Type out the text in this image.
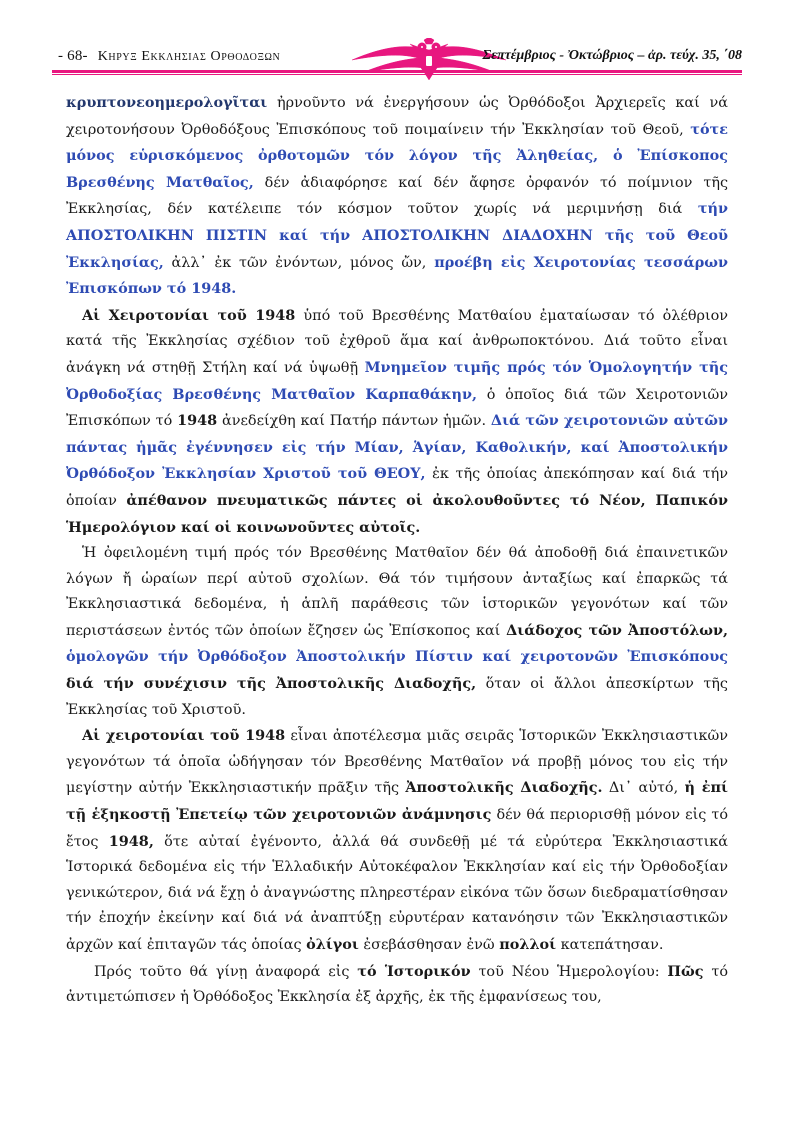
- 68- Κηρυξ Εκκλησιας Ορθοδοξων	Σεπτέμβριος - Ὀκτώβριος – ἀρ. τεύχ. 35, ΄08

κρυπτονεοημερολογῖται ἠρνοῦντο νά ἐνεργήσουν ὡς Ὀρθόδοξοι Ἀρχιερεῖς καί νά χειροτονήσουν Ὀρθοδόξους Ἐπισκόπους τοῦ ποιμαίνειν τήν Ἐκκλησίαν τοῦ Θεοῦ, τότε μόνος εὑρισκόμενος ὀρθοτομῶν τόν λόγον τῆς Ἀληθείας, ὁ Ἐπίσκοπος Βρεσθένης Ματθαῖος, δέν ἀδιαφόρησε καί δέν ἄφησε ὀρφανόν τό ποίμνιον τῆς Ἐκκλησίας, δέν κατέλειπε τόν κόσμον τοῦτον χωρίς νά μεριμνήσῃ διά τήν ΑΠΟΣΤΟΛΙΚΗΝ ΠΙΣΤΙΝ καί τήν ΑΠΟΣΤΟΛΙΚΗΝ ΔΙΑΔΟΧΗΝ τῆς τοῦ Θεοῦ Ἐκκλησίας, ἀλλ᾽ ἐκ τῶν ἐνόντων, μόνος ὤν, προέβη εἰς Χειροτονίας τεσσάρων Ἐπισκόπων τό 1948.

Αἱ Χειροτονίαι τοῦ 1948 ὑπό τοῦ Βρεσθένης Ματθαίου ἐματαίωσαν τό ὀλέθριον κατά τῆς Ἐκκλησίας σχέδιον τοῦ ἐχθροῦ ἅμα καί ἀνθρωποκτόνου. Διά τοῦτο εἶναι ἀνάγκη νά στηθῇ Στήλη καί νά ὑψωθῇ Μνημεῖον τιμῆς πρός τόν Ὁμολογητήν τῆς Ὀρθοδοξίας Βρεσθένης Ματθαῖον Καρπαθάκην, ὁ ὁποῖος διά τῶν Χειροτονιῶν Ἐπισκόπων τό 1948 ἀνεδείχθη καί Πατήρ πάντων ἡμῶν. Διά τῶν χειροτονιῶν αὐτῶν πάντας ἡμᾶς ἐγέννησεν εἰς τήν Μίαν, Ἁγίαν, Καθολικήν, καί Ἀποστολικήν Ὀρθόδοξον Ἐκκλησίαν Χριστοῦ τοῦ ΘΕΟΥ, ἐκ τῆς ὁποίας ἀπεκόπησαν καί διά τήν ὁποίαν ἀπέθανον πνευματικῶς πάντες οἱ ἀκολουθοῦντες τό Νέον, Παπικόν Ἡμερολόγιον καί οἱ κοινωνοῦντες αὐτοῖς.

Ἡ ὀφειλομένη τιμή πρός τόν Βρεσθένης Ματθαῖον δέν θά ἀποδοθῇ διά ἐπαινετικῶν λόγων ἤ ὡραίων περί αὐτοῦ σχολίων. Θά τόν τιμήσουν ἀνταξίως καί ἐπαρκῶς τά Ἐκκλησιαστικά δεδομένα, ἡ ἁπλῆ παράθεσις τῶν ἱστορικῶν γεγονότων καί τῶν περιστάσεων ἐντός τῶν ὁποίων ἔζησεν ὡς Ἐπίσκοπος καί Διάδοχος τῶν Ἀποστόλων, ὁμολογῶν τήν Ὀρθόδοξον Ἀποστολικήν Πίστιν καί χειροτονῶν Ἐπισκόπους διά τήν συνέχισιν τῆς Ἀποστολικῆς Διαδοχῆς, ὅταν οἱ ἄλλοι ἀπεσκίρτων τῆς Ἐκκλησίας τοῦ Χριστοῦ.

Αἱ χειροτονίαι τοῦ 1948 εἶναι ἀποτέλεσμα μιᾶς σειρᾶς Ἱστορικῶν Ἐκκλησιαστικῶν γεγονότων τά ὁποῖα ὡδήγησαν τόν Βρεσθένης Ματθαῖον νά προβῇ μόνος του εἰς τήν μεγίστην αὐτήν Ἐκκλησιαστικήν πρᾶξιν τῆς Ἀποστολικῆς Διαδοχῆς. Δι᾽ αὐτό, ἡ ἐπί τῇ ἑξηκοστῇ Ἐπετείῳ τῶν χειροτονιῶν ἀνάμνησις δέν θά περιορισθῇ μόνον εἰς τό ἔτος 1948, ὅτε αὐταί ἐγένοντο, ἀλλά θά συνδεθῇ μέ τά εὐρύτερα Ἐκκλησιαστικά Ἱστορικά δεδομένα εἰς τήν Ἑλλαδικήν Αὐτοκέφαλον Ἐκκλησίαν καί εἰς τήν Ὀρθοδοξίαν γενικώτερον, διά νά ἔχῃ ὁ ἀναγνώστης πληρεστέραν εἰκόνα τῶν ὅσων διεδραματίσθησαν τήν ἐποχήν ἐκείνην καί διά νά ἀναπτύξῃ εὐρυτέραν κατανόησιν τῶν Ἐκκλησιαστικῶν ἀρχῶν καί ἐπιταγῶν τάς ὁποίας ὀλίγοι ἐσεβάσθησαν ἐνῶ πολλοί κατεπάτησαν.

Πρός τοῦτο θά γίνῃ ἀναφορά εἰς τό Ἱστορικόν τοῦ Νέου Ἡμερολογίου: Πῶς τό ἀντιμετώπισεν ἡ Ὀρθόδοξος Ἐκκλησία ἐξ ἀρχῆς, ἐκ τῆς ἐμφανίσεως του,
